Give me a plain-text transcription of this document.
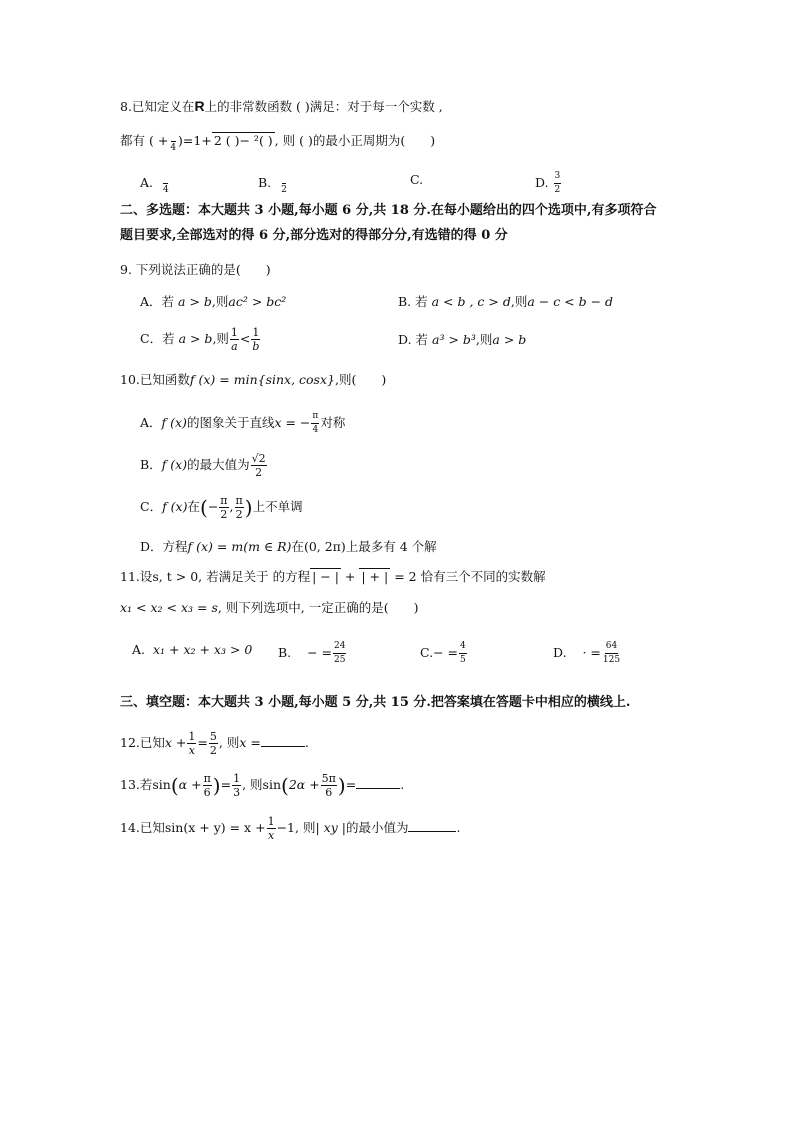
8.已知定义在R上的非常数函数 ( )满足：对于每一个实数 ,
都有 ( +
4 )=1+ 2 ( )− ²( ) , 则 ( )的最小正周期为(　　)
A.
4	B.
2
C.	D. $\frac{3}{2}$
二、多选题：本大题共 3 小题,每小题 6 分,共 18 分.在每小题给出的四个选项中,有多项符合
题目要求,全部选对的得 6 分,部分选对的得部分分,有选错的得 0 分
9. 下列说法正确的是(　　)
A．若 a > b,则ac² > bc²	B. 若 a < b , c > d,则a − c < b − d
C．若 a > b,则 $\frac{1}{a} < \frac{1}{b}$	D. 若 a³ > b³,则a > b
10.已知函数f (x) = min{sinx, cosx},则(　　)
A．f (x)的图象关于直线x = − $\frac{\pi}{4}$ 对称
B．f (x)的最大值为 $\frac{√2}{2}$
C．f (x)在(− $\frac{\pi}{2}$ , $\frac{\pi}{2}$ )上不单调
D．方程f (x) = m(m ∈ R)在(0, 2π)上最多有 4 个解
11.设s, t > 0, 若满足关于 的方程 | − | + | + | = 2 恰有三个不同的实数解
x₁ < x₂ < x₃ = s, 则下列选项中, 一定正确的是(　　)
A. x₁ + x₂ + x₃ > 0 B. − = $\frac{24}{25}$	$C.- = \frac{4}{5}$	D. · = $\frac{64}{125}$
三、填空题：本大题共 3 小题,每小题 5 分,共 15 分.把答案填在答题卡中相应的横线上.
12.已知$x + \frac{1}{x} = \frac{5}{2}$ , 则x =	.
13.若$\sin(\alpha + \frac{\pi}{6}$ )= $\frac{1}{3}$ , 则$\sin(2\alpha + \frac{5\pi}{6}$ )=	.
14.已知$\sin(x + y) = x + \frac{1}{x} -1$, 则| xy |的最小值为	.
